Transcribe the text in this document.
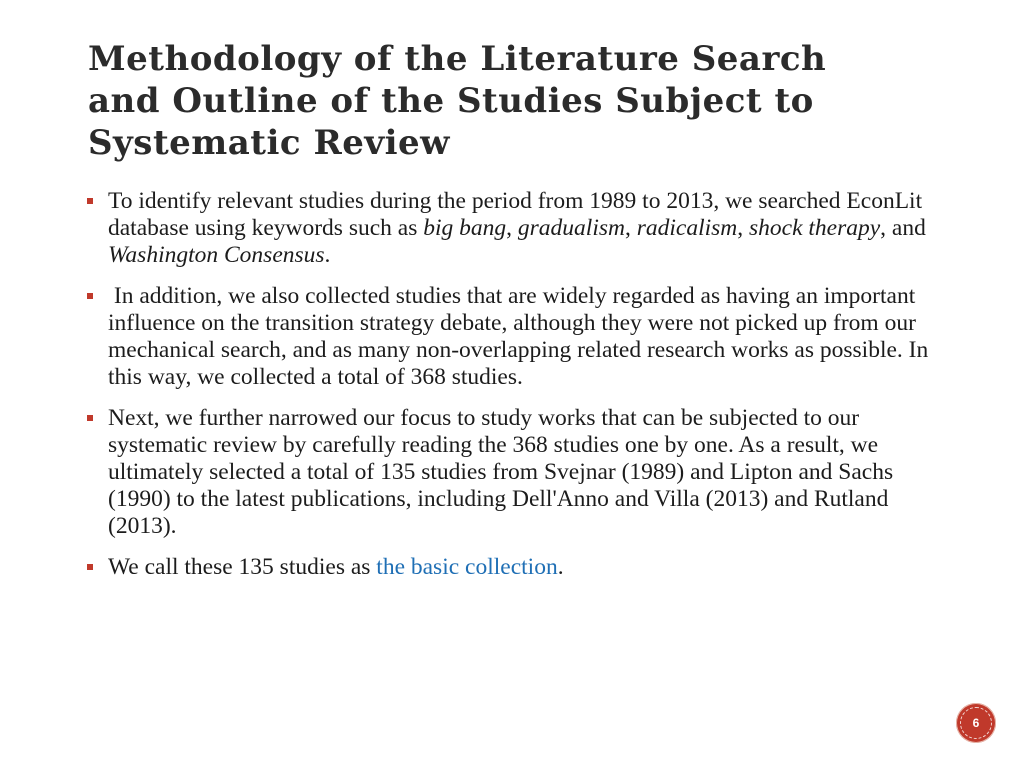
Methodology of the Literature Search
and Outline of the Studies Subject to
Systematic Review
To identify relevant studies during the period from 1989 to 2013, we searched EconLit database using keywords such as big bang, gradualism, radicalism, shock therapy, and Washington Consensus.
In addition, we also collected studies that are widely regarded as having an important influence on the transition strategy debate, although they were not picked up from our mechanical search, and as many non-overlapping related research works as possible. In this way, we collected a total of 368 studies.
Next, we further narrowed our focus to study works that can be subjected to our systematic review by carefully reading the 368 studies one by one. As a result, we ultimately selected a total of 135 studies from Svejnar (1989) and Lipton and Sachs (1990) to the latest publications, including Dell'Anno and Villa (2013) and Rutland (2013).
We call these 135 studies as the basic collection.
6
